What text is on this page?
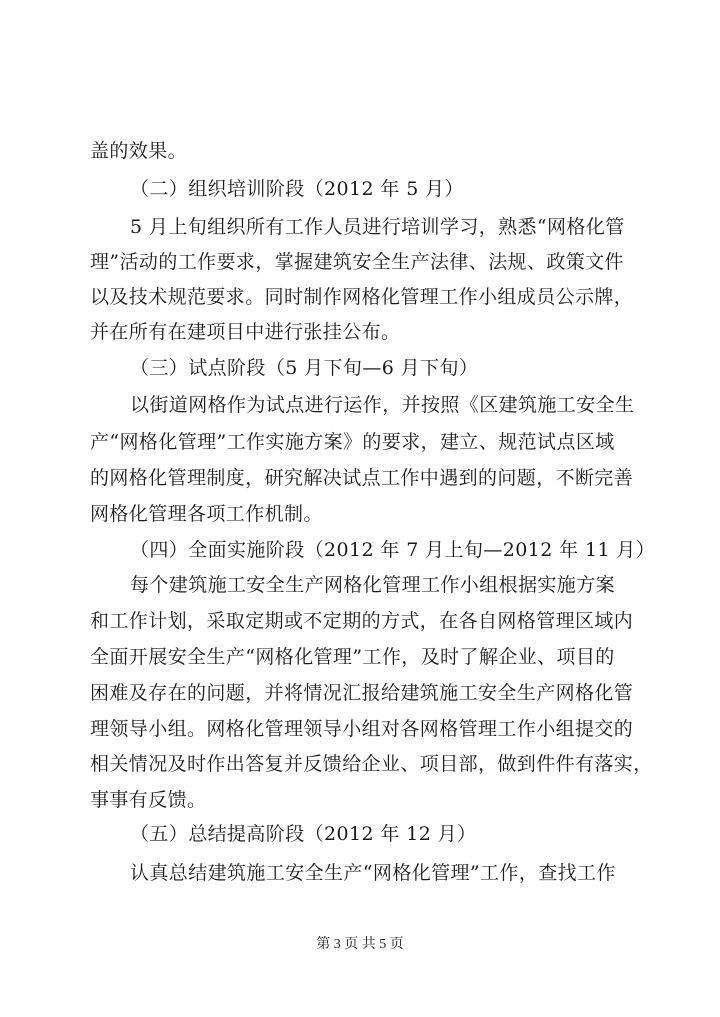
盖的效果。
（二）组织培训阶段（2012 年 5 月）
5 月上旬组织所有工作人员进行培训学习，熟悉“网格化管
理”活动的工作要求，掌握建筑安全生产法律、法规、政策文件
以及技术规范要求。同时制作网格化管理工作小组成员公示牌，
并在所有在建项目中进行张挂公布。
（三）试点阶段（5 月下旬—6 月下旬）
以街道网格作为试点进行运作，并按照《区建筑施工安全生
产“网格化管理”工作实施方案》的要求，建立、规范试点区域
的网格化管理制度，研究解决试点工作中遇到的问题，不断完善
网格化管理各项工作机制。
（四）全面实施阶段（2012 年 7 月上旬—2012 年 11 月）
每个建筑施工安全生产网格化管理工作小组根据实施方案
和工作计划，采取定期或不定期的方式，在各自网格管理区域内
全面开展安全生产“网格化管理”工作，及时了解企业、项目的
困难及存在的问题，并将情况汇报给建筑施工安全生产网格化管
理领导小组。网格化管理领导小组对各网格管理工作小组提交的
相关情况及时作出答复并反馈给企业、项目部，做到件件有落实，
事事有反馈。
（五）总结提高阶段（2012 年 12 月）
认真总结建筑施工安全生产“网格化管理”工作，查找工作
第 3 页 共 5 页
